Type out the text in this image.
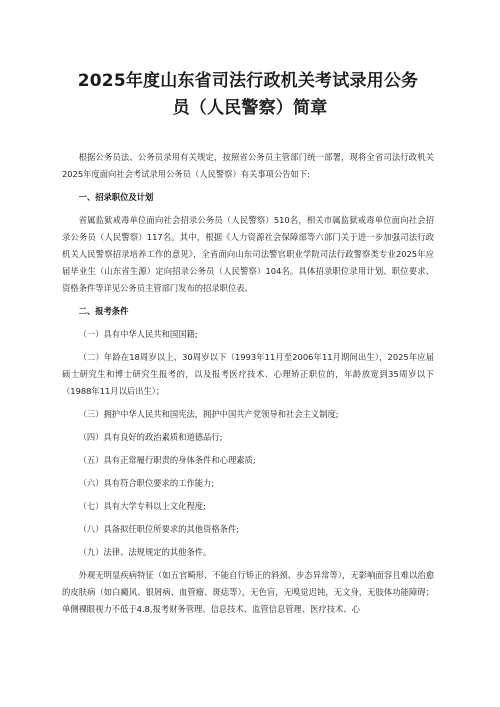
2025年度山东省司法行政机关考试录用公务
员（人民警察）简章

根据公务员法、公务员录用有关规定，按照省公务员主管部门统一部署，现将全省司法行政机关2025年度面向社会考试录用公务员（人民警察）有关事项公告如下:

一、招录职位及计划

省属监狱戒毒单位面向社会招录公务员（人民警察）510名，相关市属监狱戒毒单位面向社会招录公务员（人民警察）117名。其中，根据《人力资源社会保障部等六部门关于进一步加强司法行政机关人民警察招录培养工作的意见》，全省面向山东司法警官职业学院司法行政警察类专业2025年应届毕业生（山东省生源）定向招录公务员（人民警察）104名。具体招录职位录用计划、职位要求、资格条件等详见公务员主管部门发布的招录职位表。

二、报考条件

（一）具有中华人民共和国国籍;

（二）年龄在18周岁以上、30周岁以下（1993年11月至2006年11月期间出生），2025年应届硕士研究生和博士研究生报考的，以及报考医疗技术、心理矫正职位的，年龄放宽到35周岁以下（1988年11月以后出生）；

（三）拥护中华人民共和国宪法，拥护中国共产党领导和社会主义制度;

（四）具有良好的政治素质和道德品行;

（五）具有正常履行职责的身体条件和心理素质;

（六）具有符合职位要求的工作能力;

（七）具有大学专科以上文化程度;

（八）具备拟任职位所要求的其他资格条件;

（九）法律、法规规定的其他条件。

外观无明显疾病特征（如五官畸形、不能自行矫正的斜颈、步态异常等），无影响面容且难以治愈的皮肤病（如白癜风、银屑病、血管瘤、斑痣等），无色盲，无嗅觉迟钝，无文身，无肢体功能障碍；单侧裸眼视力不低于4.8,报考财务管理、信息技术、监管信息管理、医疗技术、心
